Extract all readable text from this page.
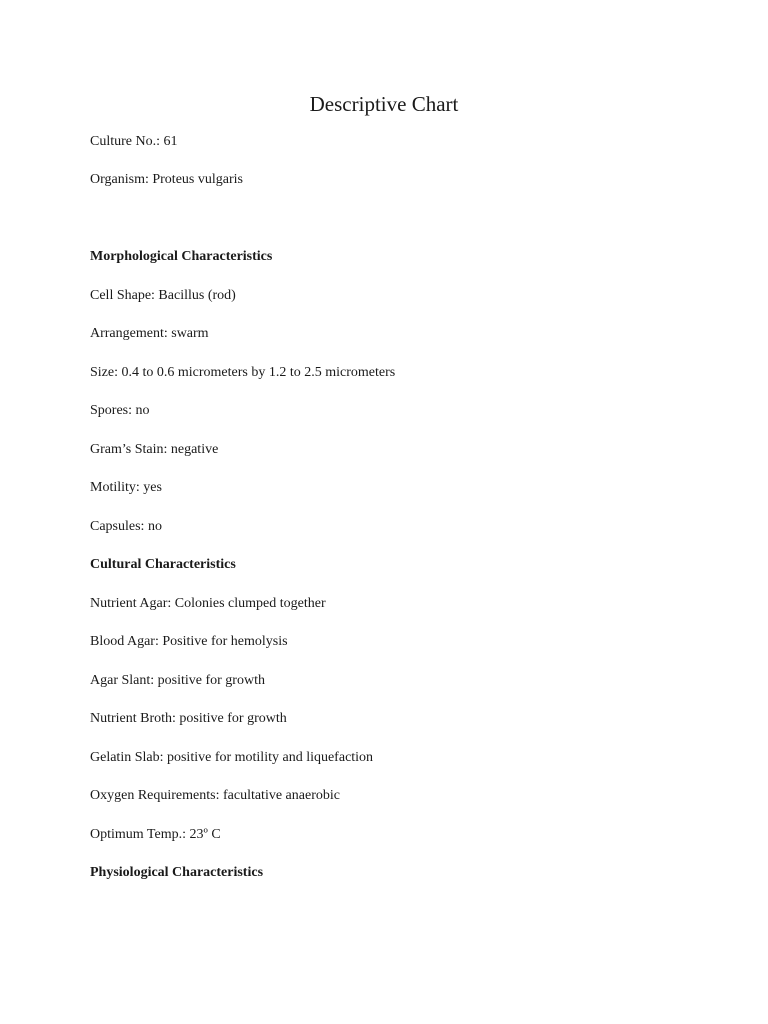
Descriptive Chart
Culture No.: 61
Organism: Proteus vulgaris
Morphological Characteristics
Cell Shape: Bacillus (rod)
Arrangement: swarm
Size: 0.4 to 0.6 micrometers by 1.2 to 2.5 micrometers
Spores: no
Gram’s Stain: negative
Motility: yes
Capsules: no
Cultural Characteristics
Nutrient Agar: Colonies clumped together
Blood Agar: Positive for hemolysis
Agar Slant: positive for growth
Nutrient Broth: positive for growth
Gelatin Slab: positive for motility and liquefaction
Oxygen Requirements: facultative anaerobic
Optimum Temp.: 23º C
Physiological Characteristics
